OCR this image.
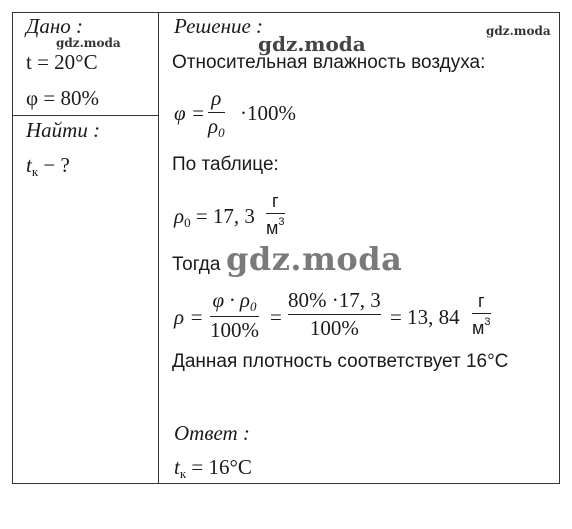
Дано :
gdz.moda
t = 20°C
φ = 80%
Найти :
$t_к$ − ?
Решение :	gdz.moda
gdz.moda
Относительная влажность воздуха:
φ =
ρ
$\rho_0$
·100%
По таблице:
$\rho_0 = 17$, 3
г
$м^3$
Тогда gdz.moda
ρ =
$\varphi \cdot \rho_0$
100%
=
80% ·17, 3
100% = 13, 84
г
$м^3$
Данная плотность соответствует 16°C
Ответ :
$t_к = 16^\circ C$
